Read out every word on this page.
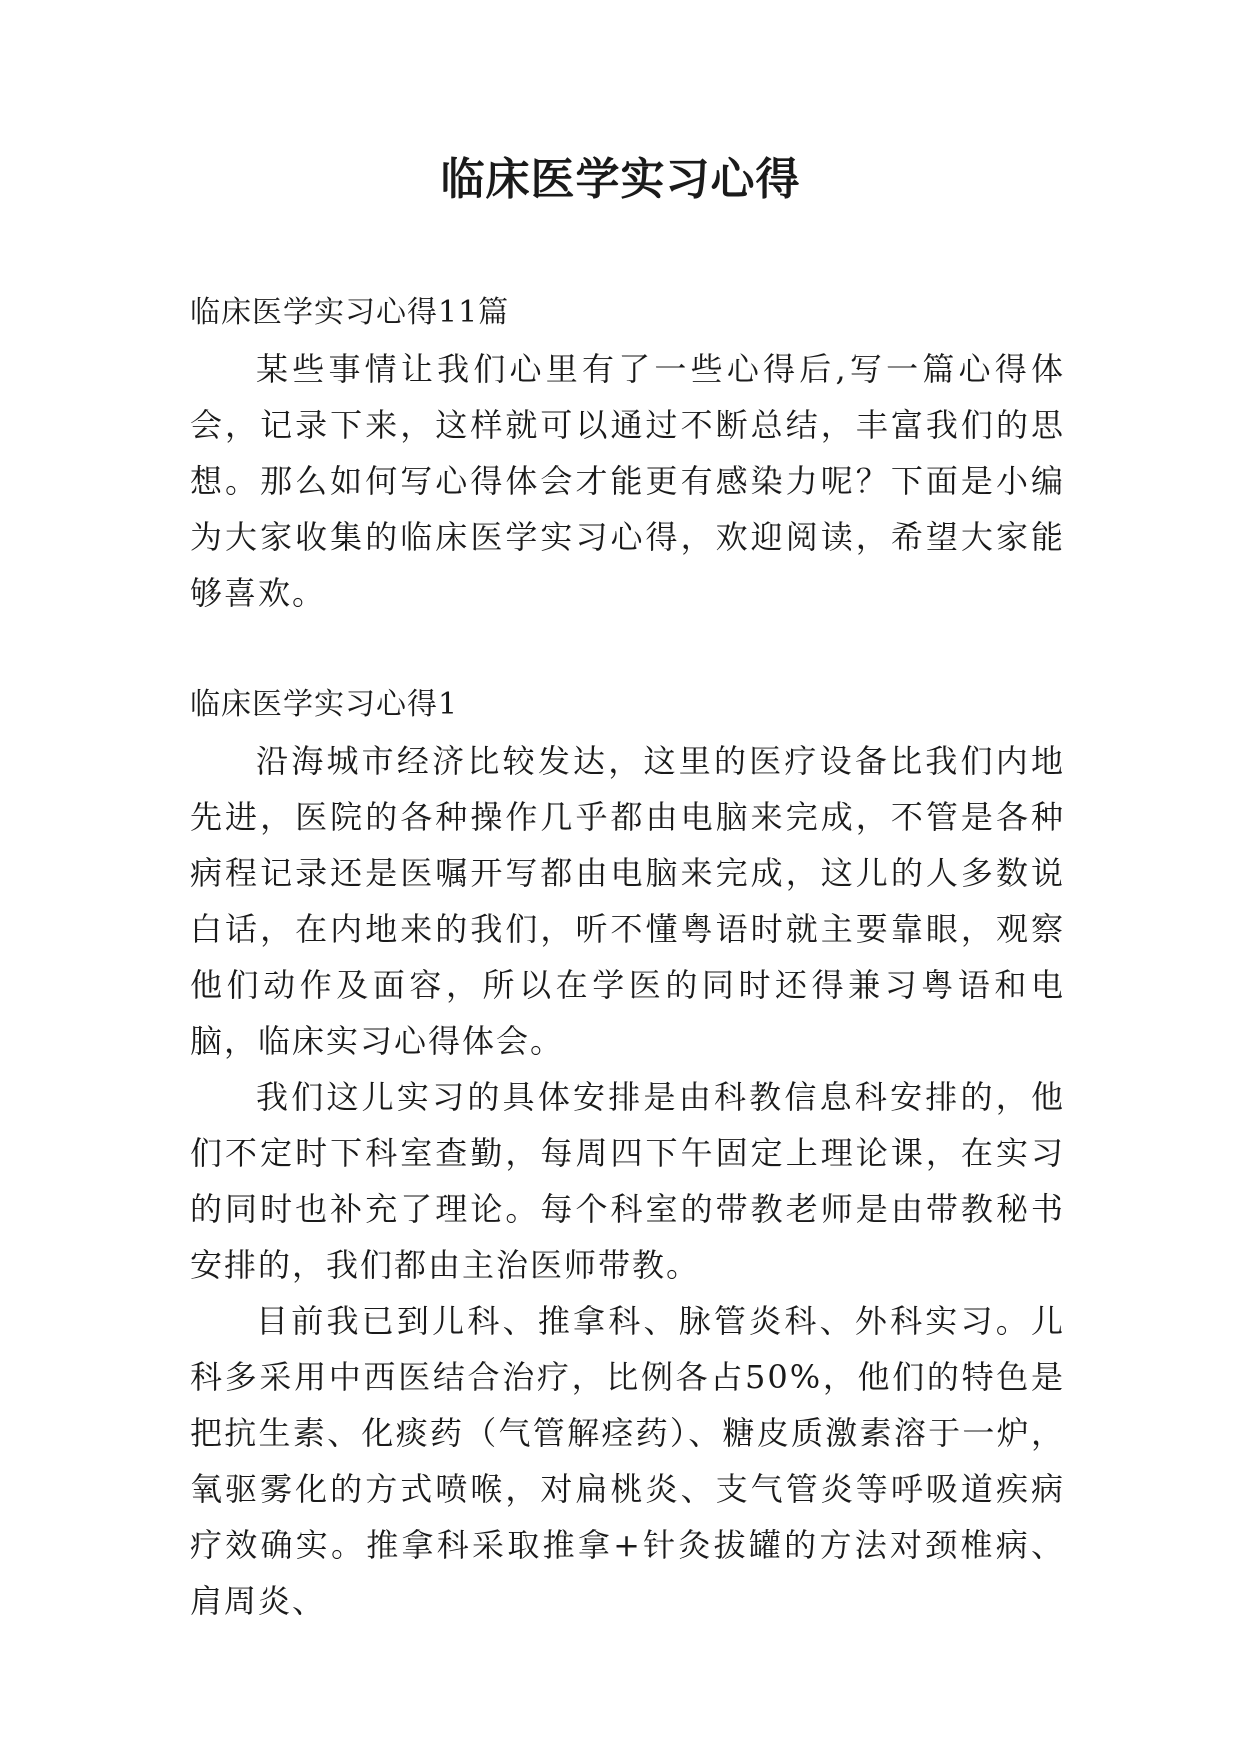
临床医学实习心得

临床医学实习心得11篇

某些事情让我们心里有了一些心得后,写一篇心得体会，记录下来，这样就可以通过不断总结，丰富我们的思想。那么如何写心得体会才能更有感染力呢？下面是小编为大家收集的临床医学实习心得，欢迎阅读，希望大家能够喜欢。

临床医学实习心得1

沿海城市经济比较发达，这里的医疗设备比我们内地先进，医院的各种操作几乎都由电脑来完成，不管是各种病程记录还是医嘱开写都由电脑来完成，这儿的人多数说白话，在内地来的我们，听不懂粤语时就主要靠眼，观察他们动作及面容，所以在学医的同时还得兼习粤语和电脑，临床实习心得体会。

我们这儿实习的具体安排是由科教信息科安排的，他们不定时下科室查勤，每周四下午固定上理论课，在实习的同时也补充了理论。每个科室的带教老师是由带教秘书安排的，我们都由主治医师带教。

目前我已到儿科、推拿科、脉管炎科、外科实习。儿科多采用中西医结合治疗，比例各占50%，他们的特色是把抗生素、化痰药（气管解痉药）、糖皮质激素溶于一炉，氧驱雾化的方式喷喉，对扁桃炎、支气管炎等呼吸道疾病疗效确实。推拿科采取推拿+针灸拔罐的方法对颈椎病、肩周炎、
